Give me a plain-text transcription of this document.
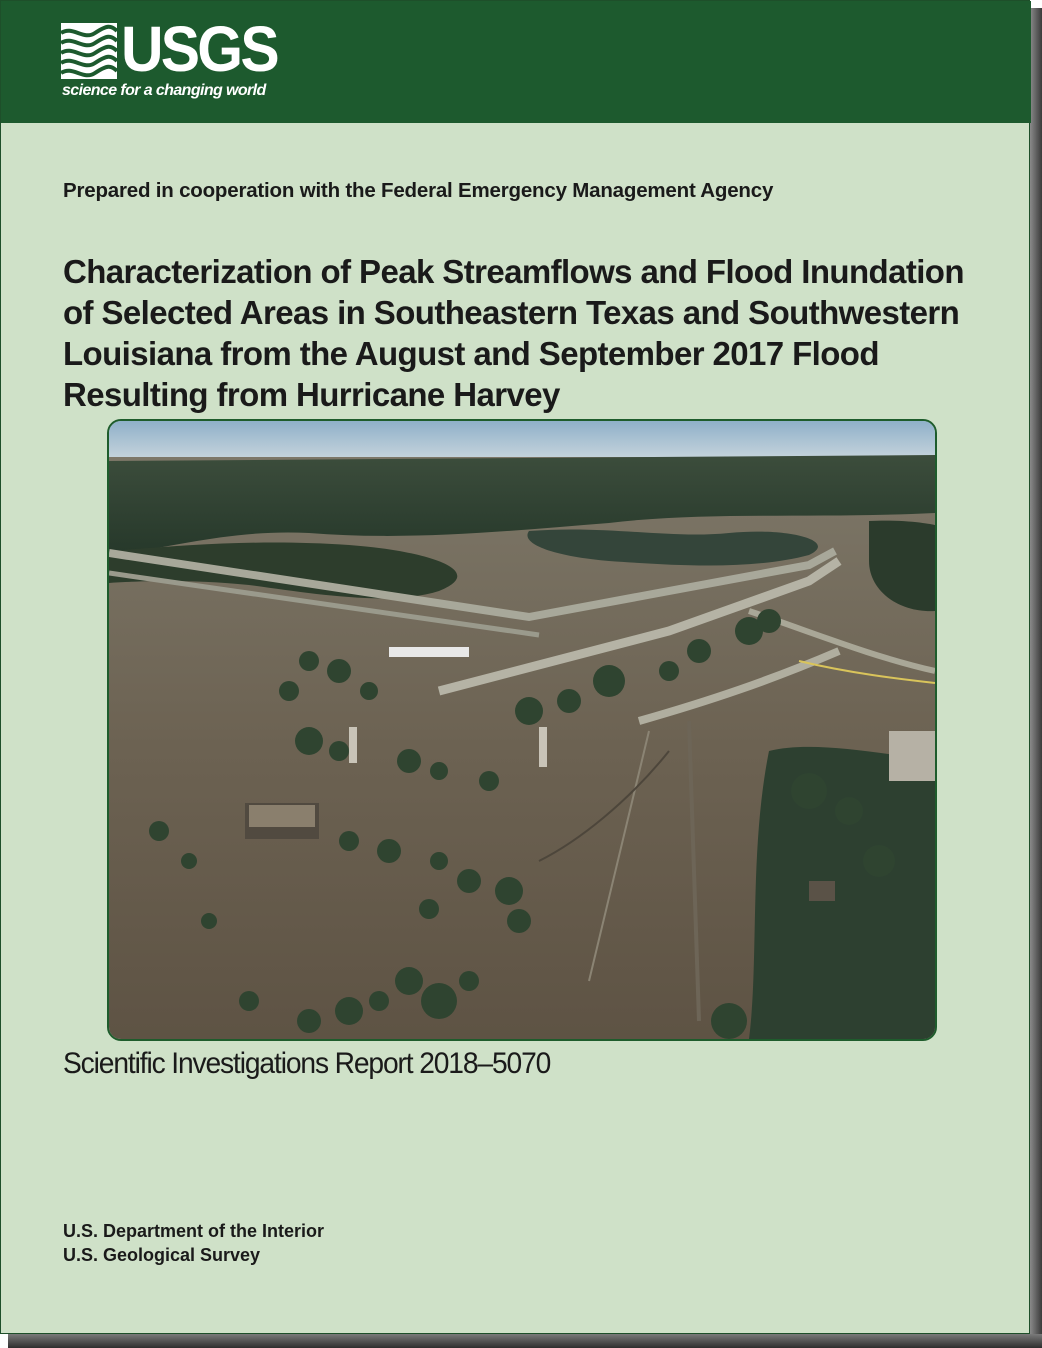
USGS
science for a changing world
Prepared in cooperation with the Federal Emergency Management Agency
Characterization of Peak Streamflows and Flood Inundation
of Selected Areas in Southeastern Texas and Southwestern
Louisiana from the August and September 2017 Flood
Resulting from Hurricane Harvey
Scientific Investigations Report 2018–5070
U.S. Department of the Interior
U.S. Geological Survey
